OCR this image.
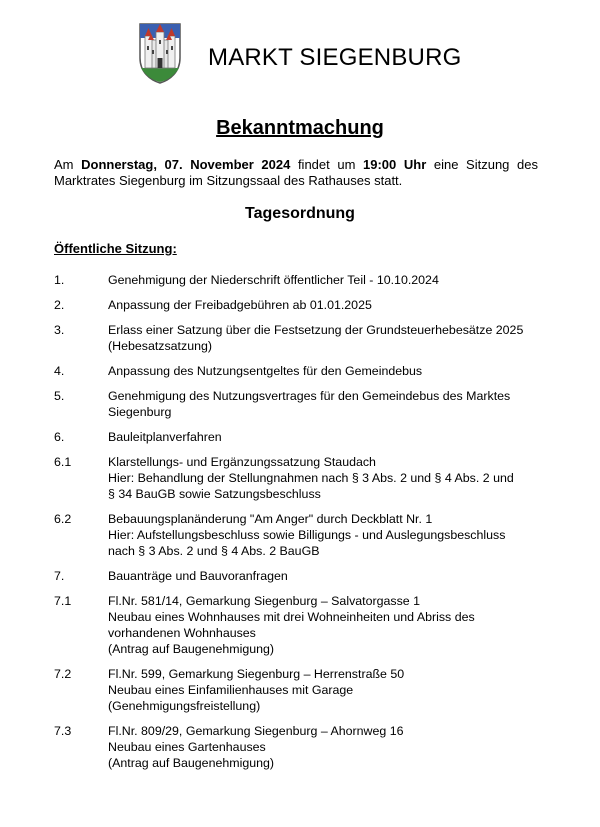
MARKT SIEGENBURG
Bekanntmachung
Am Donnerstag, 07. November 2024 findet um 19:00 Uhr eine Sitzung des Marktrates Siegenburg im Sitzungssaal des Rathauses statt.
Tagesordnung
Öffentliche Sitzung:
1.	Genehmigung der Niederschrift öffentlicher Teil - 10.10.2024
2.	Anpassung der Freibadgebühren ab 01.01.2025
3.	Erlass einer Satzung über die Festsetzung der Grundsteuerhebesätze 2025
(Hebesatzsatzung)
4.	Anpassung des Nutzungsentgeltes für den Gemeindebus
5.	Genehmigung des Nutzungsvertrages für den Gemeindebus des Marktes
Siegenburg
6.	Bauleitplanverfahren
6.1	Klarstellungs- und Ergänzungssatzung Staudach
Hier: Behandlung der Stellungnahmen nach § 3 Abs. 2 und § 4 Abs. 2 und
§ 34 BauGB sowie Satzungsbeschluss
6.2	Bebauungsplanänderung "Am Anger" durch Deckblatt Nr. 1
Hier: Aufstellungsbeschluss sowie Billigungs - und Auslegungsbeschluss
nach § 3 Abs. 2 und § 4 Abs. 2 BauGB
7.	Bauanträge und Bauvoranfragen
7.1	Fl.Nr. 581/14, Gemarkung Siegenburg – Salvatorgasse 1
Neubau eines Wohnhauses mit drei Wohneinheiten und Abriss des
vorhandenen Wohnhauses
(Antrag auf Baugenehmigung)
7.2	Fl.Nr. 599, Gemarkung Siegenburg – Herrenstraße 50
Neubau eines Einfamilienhauses mit Garage
(Genehmigungsfreistellung)
7.3	Fl.Nr. 809/29, Gemarkung Siegenburg – Ahornweg 16
Neubau eines Gartenhauses
(Antrag auf Baugenehmigung)
